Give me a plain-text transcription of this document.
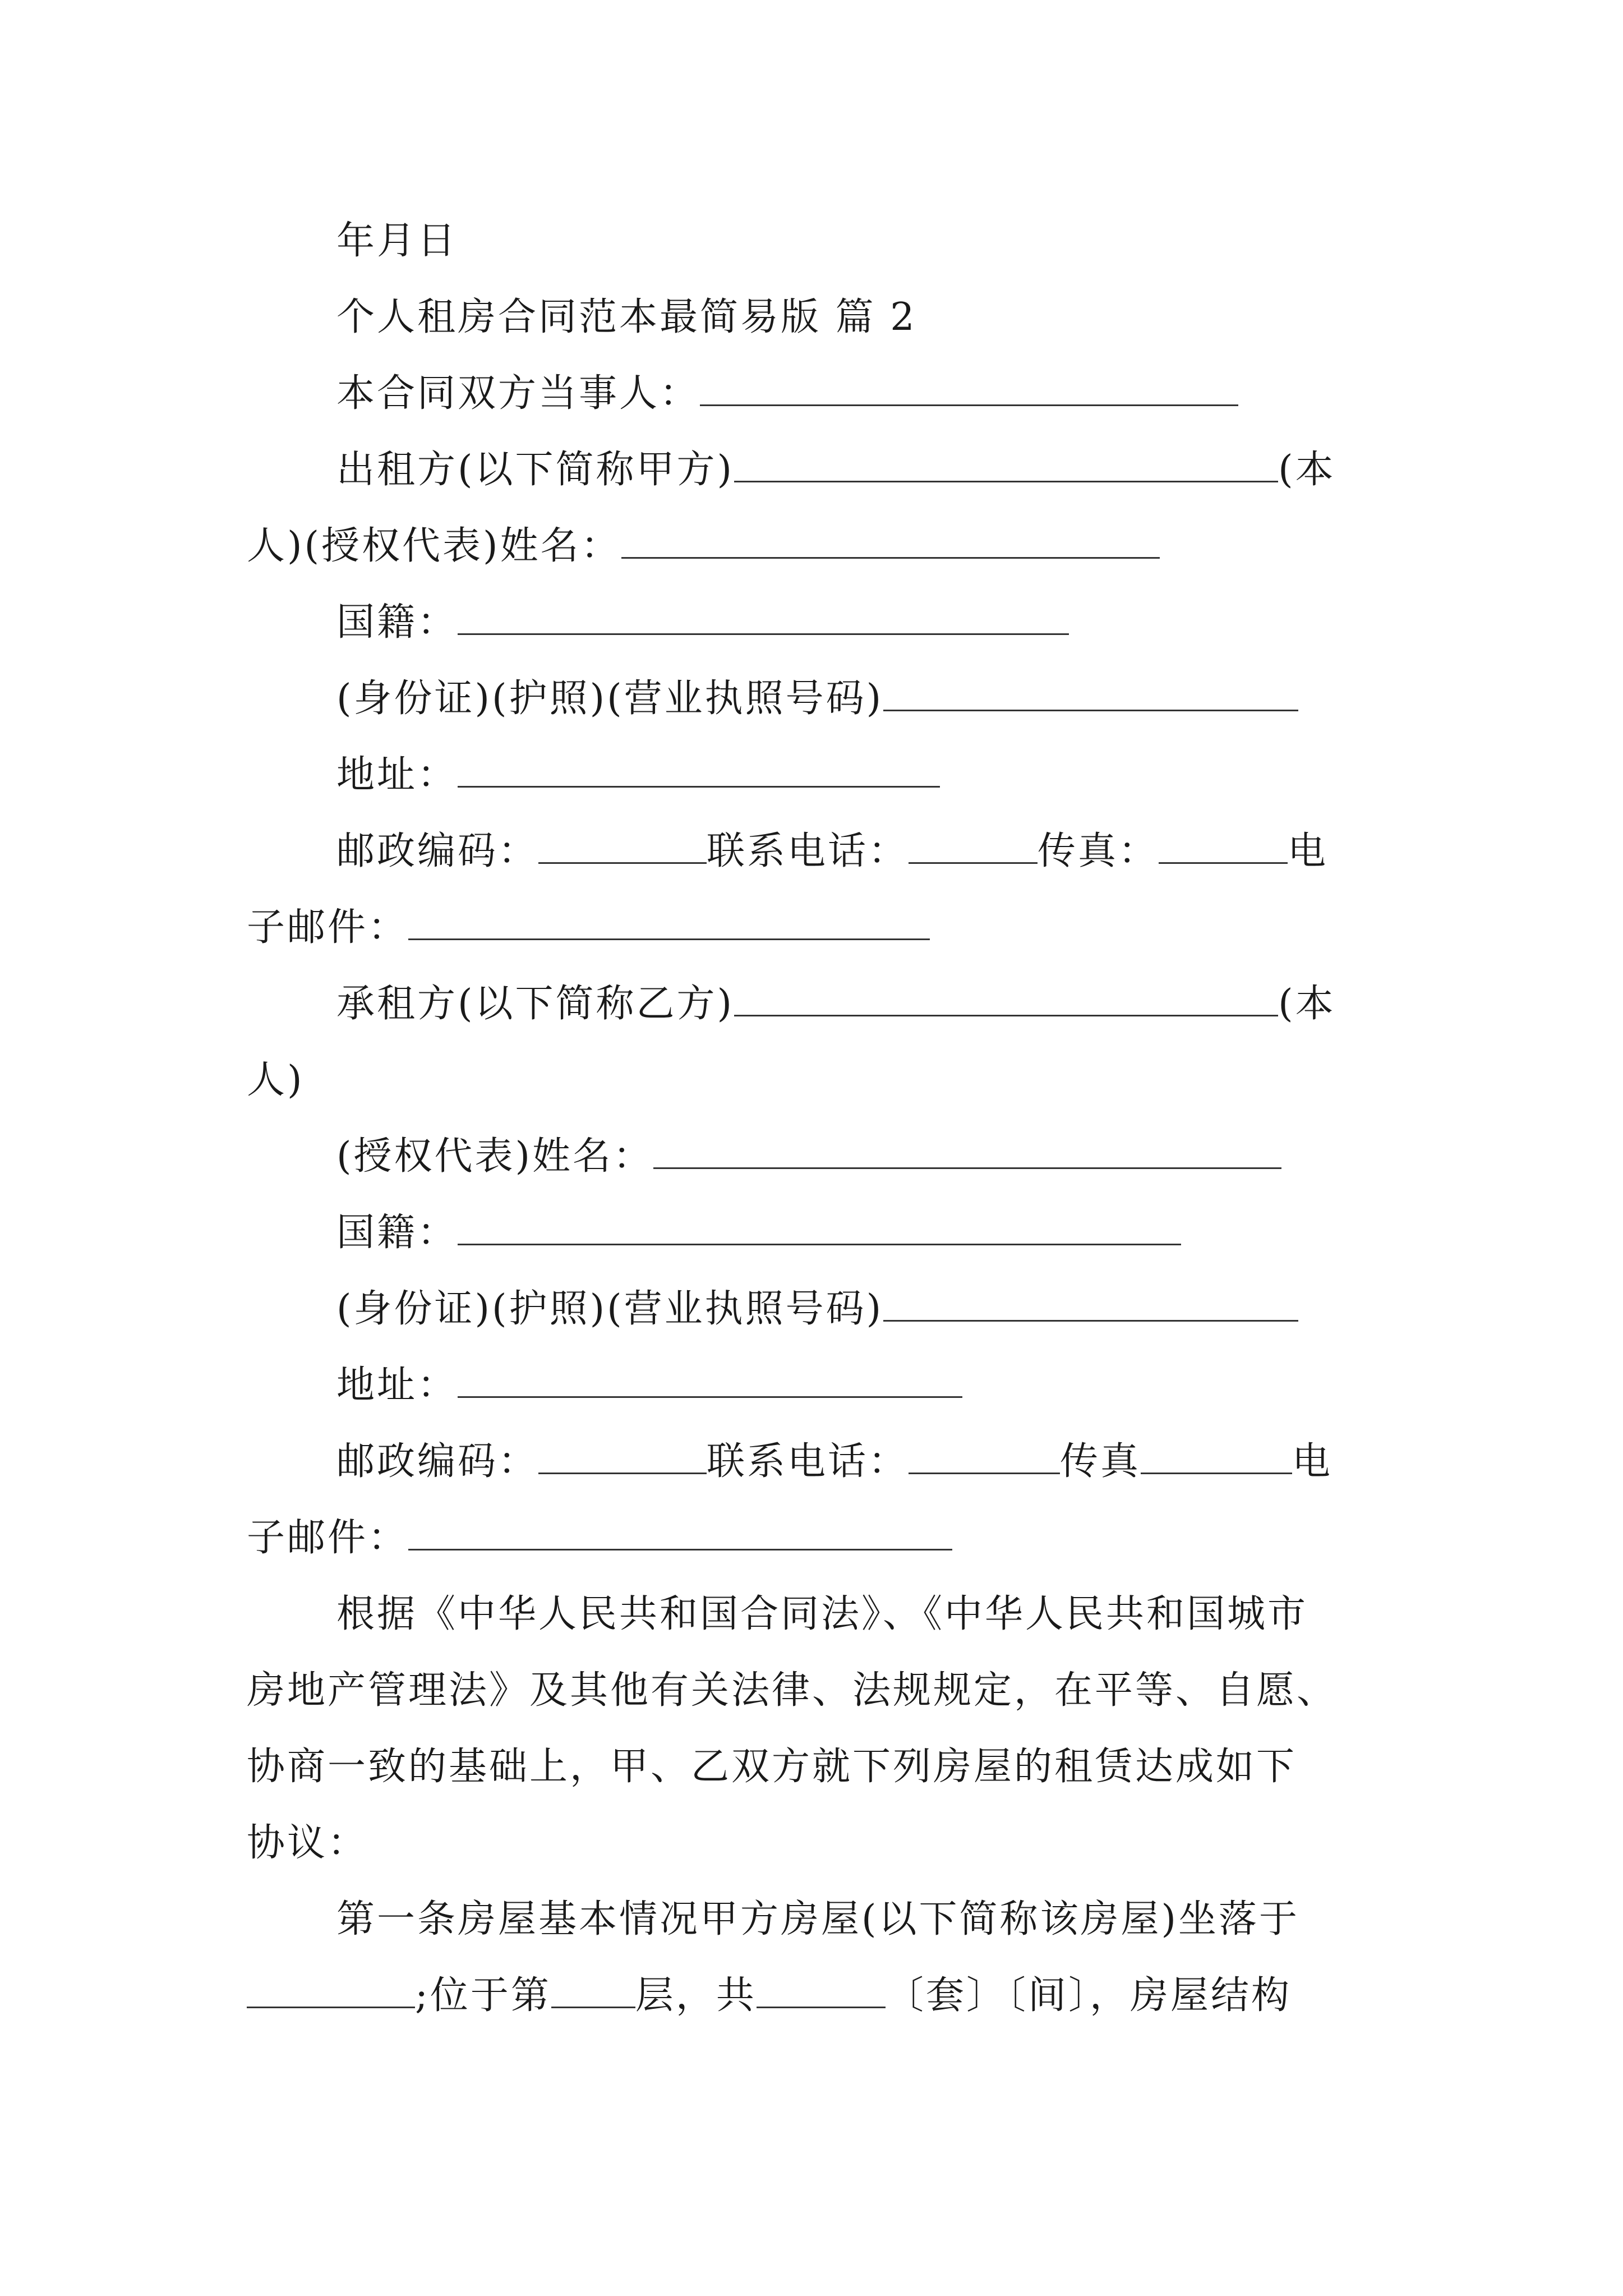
年月日
个人租房合同范本最简易版 篇 2
本合同双方当事人：
出租方(以下简称甲方)	(本
人)(授权代表)姓名：
国籍：
(身份证)(护照)(营业执照号码)
地址：
邮政编码：	联系电话：	传真：	电
子邮件：
承租方(以下简称乙方)	(本
人)
(授权代表)姓名：
国籍：
(身份证)(护照)(营业执照号码)
地址：
邮政编码：	联系电话：	传真	电
子邮件：
根据《中华人民共和国合同法》、《中华人民共和国城市
房地产管理法》及其他有关法律、法规规定，在平等、自愿、
协商一致的基础上，甲、乙双方就下列房屋的租赁达成如下
协议：
第一条房屋基本情况甲方房屋(以下简称该房屋)坐落于
;位于第 层，共	〔套〕〔间〕，房屋结构
